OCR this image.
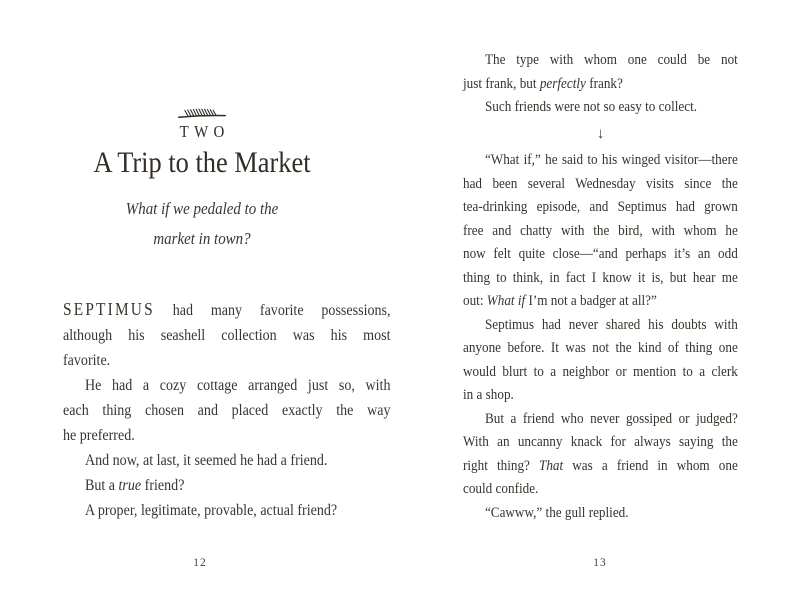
TWO
A Trip to the Market
What if we pedaled to the
market in town?
SEPTIMUS had many favorite possessions,
although his seashell collection was his most
favorite.
He had a cozy cottage arranged just so, with
each thing chosen and placed exactly the way
he preferred.
And now, at last, it seemed he had a friend.
But a true friend?
A proper, legitimate, provable, actual friend?
12
The type with whom one could be not
just frank, but perfectly frank?
Such friends were not so easy to collect.
↓
“What if,” he said to his winged visitor—there
had been several Wednesday visits since the
tea-drinking episode, and Septimus had grown
free and chatty with the bird, with whom he
now felt quite close—“and perhaps it’s an odd
thing to think, in fact I know it is, but hear me
out: What if I’m not a badger at all?”
Septimus had never shared his doubts with
anyone before. It was not the kind of thing one
would blurt to a neighbor or mention to a clerk
in a shop.
But a friend who never gossiped or judged?
With an uncanny knack for always saying the
right thing? That was a friend in whom one
could confide.
“Cawww,” the gull replied.
13
